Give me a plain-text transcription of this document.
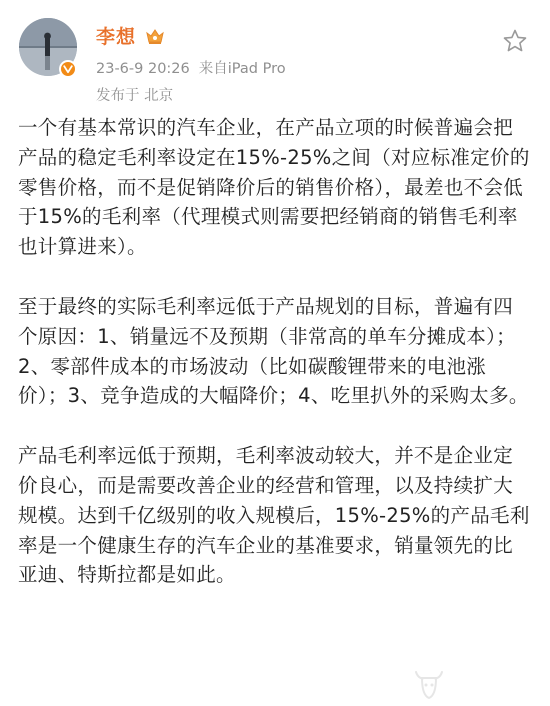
李想
23-6-9 20:26 来自iPad Pro
发布于 北京

一个有基本常识的汽车企业，在产品立项的时候普遍会把产品的稳定毛利率设定在15%-25%之间（对应标准定价的零售价格，而不是促销降价后的销售价格），最差也不会低于15%的毛利率（代理模式则需要把经销商的销售毛利率也计算进来）。

至于最终的实际毛利率远低于产品规划的目标，普遍有四个原因：1、销量远不及预期（非常高的单车分摊成本）；2、零部件成本的市场波动（比如碳酸锂带来的电池涨价）；3、竞争造成的大幅降价；4、吃里扒外的采购太多。

产品毛利率远低于预期，毛利率波动较大，并不是企业定价良心，而是需要改善企业的经营和管理，以及持续扩大规模。达到千亿级别的收入规模后，15%-25%的产品毛利率是一个健康生存的汽车企业的基准要求，销量领先的比亚迪、特斯拉都是如此。
